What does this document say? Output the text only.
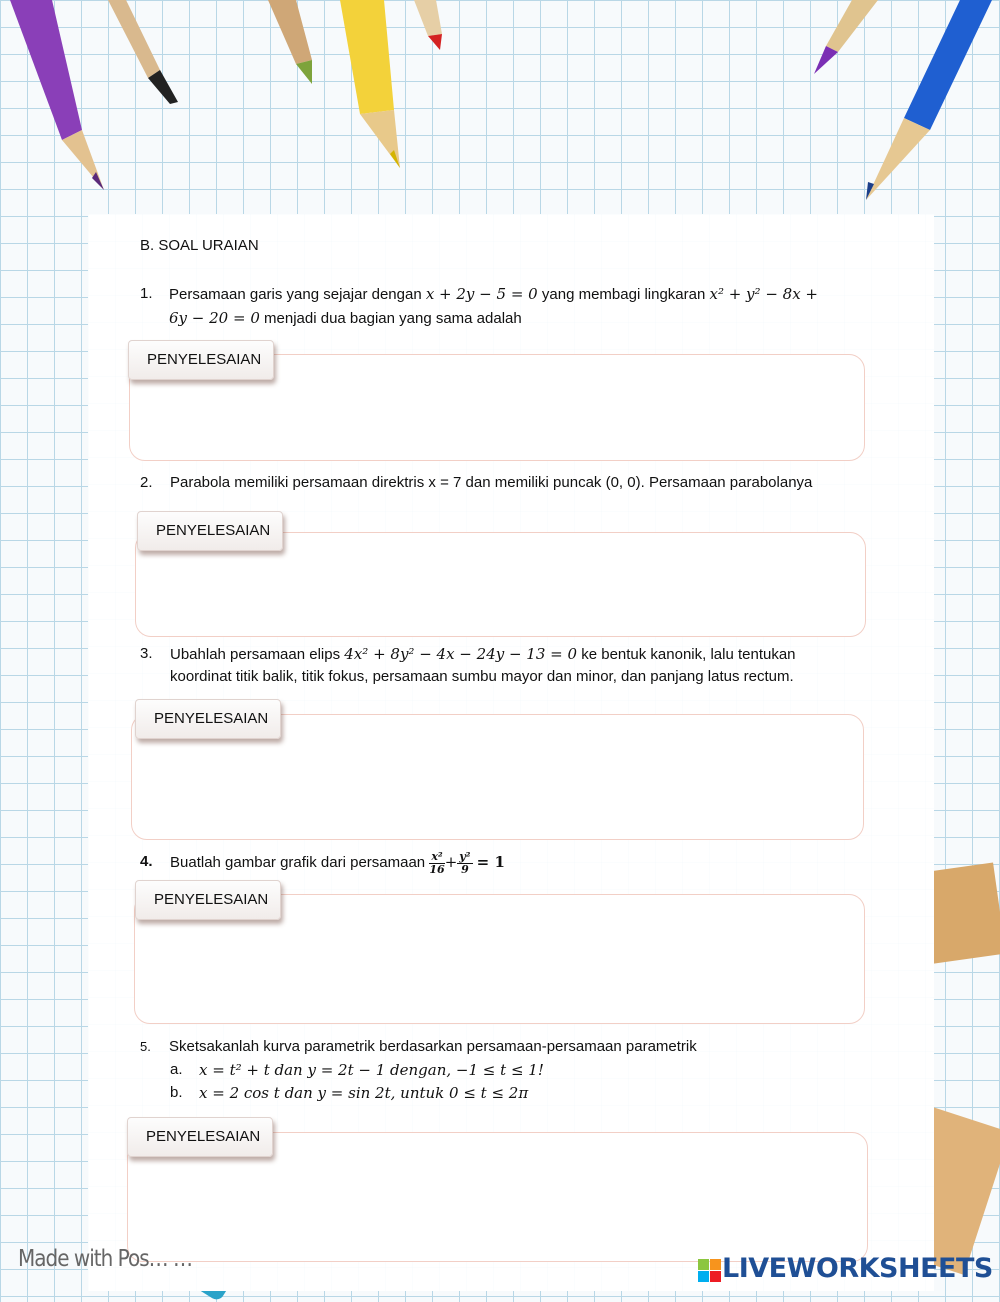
B. SOAL URAIAN
1. Persamaan garis yang sejajar dengan x + 2y − 5 = 0 yang membagi lingkaran x² + y² − 8x +
6y − 20 = 0 menjadi dua bagian yang sama adalah
PENYELESAIAN
2. Parabola memiliki persamaan direktris x = 7 dan memiliki puncak (0, 0). Persamaan parabolanya
PENYELESAIAN
3. Ubahlah persamaan elips 4x² + 8y² − 4x − 24y − 13 = 0 ke bentuk kanonik, lalu tentukan
koordinat titik balik, titik fokus, persamaan sumbu mayor dan minor, dan panjang latus rectum.
PENYELESAIAN
4. Buatlah gambar grafik dari persamaan $\frac{\text{x²}}{16} + \frac{\text{y²}}{9} = 1$
PENYELESAIAN
5. Sketsakanlah kurva parametrik berdasarkan persamaan-persamaan parametrik
a. x = t² + t dan y = 2t − 1 dengan, −1 ≤ t ≤ 1!
b. x = 2 cos t dan y = sin 2t, untuk 0 ≤ t ≤ 2π
PENYELESAIAN
Made with Pos… …	LIVEWORKSHEETS
